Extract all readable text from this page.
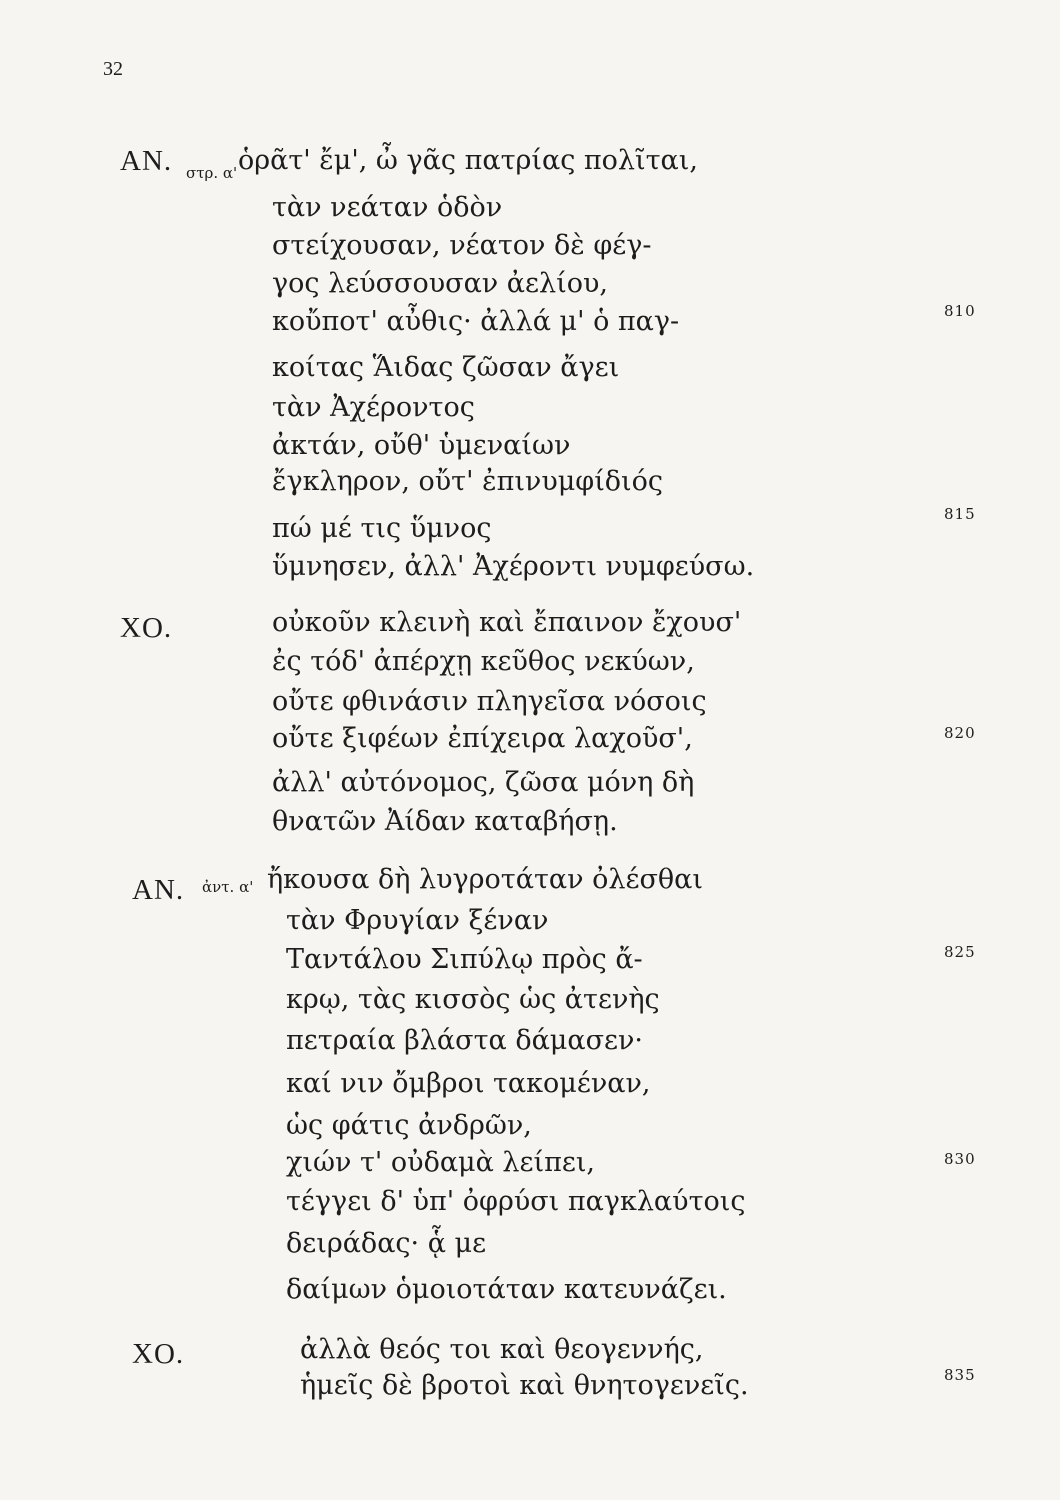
32
ΑΝ. στρ. α' ὁρᾶτ' ἔμ', ὦ γᾶς πατρίας πολῖται,
τὰν νεάταν ὁδὸν
στείχουσαν, νέατον δὲ φέγ-
γος λεύσσουσαν ἀελίου,
κοὔποτ' αὖθις· ἀλλά μ' ὁ παγ-
κοίτας Ἅιδας ζῶσαν ἄγει
τὰν Ἀχέροντος
ἀκτάν, οὔθ' ὑμεναίων
ἔγκληρον, οὔτ' ἐπινυμφίδιός
πώ μέ τις ὕμνος
ὕμνησεν, ἀλλ' Ἀχέροντι νυμφεύσω.
ΧΟ.	οὐκοῦν κλεινὴ καὶ ἔπαινον ἔχουσ'
ἐς τόδ' ἀπέρχῃ κεῦθος νεκύων,
οὔτε φθινάσιν πληγεῖσα νόσοις
οὔτε ξιφέων ἐπίχειρα λαχοῦσ',
ἀλλ' αὐτόνομος, ζῶσα μόνη δὴ
θνατῶν Ἀίδαν καταβήσῃ.
ΑΝ. ἀντ. α' ἤκουσα δὴ λυγροτάταν ὀλέσθαι
τὰν Φρυγίαν ξέναν
Ταντάλου Σιπύλῳ πρὸς ἄ-
κρῳ, τὰς κισσὸς ὡς ἀτενὴς
πετραία βλάστα δάμασεν·
καί νιν ὄμβροι τακομέναν,
ὡς φάτις ἀνδρῶν,
χιών τ' οὐδαμὰ λείπει,
τέγγει δ' ὑπ' ὀφρύσι παγκλαύτοις
δειράδας· ᾇ με
δαίμων ὁμοιοτάταν κατευνάζει.
ΧΟ.	ἀλλὰ θεός τοι καὶ θεογεννής,
ἡμεῖς δὲ βροτοὶ καὶ θνητογενεῖς.
810
815
820
825
830
835
